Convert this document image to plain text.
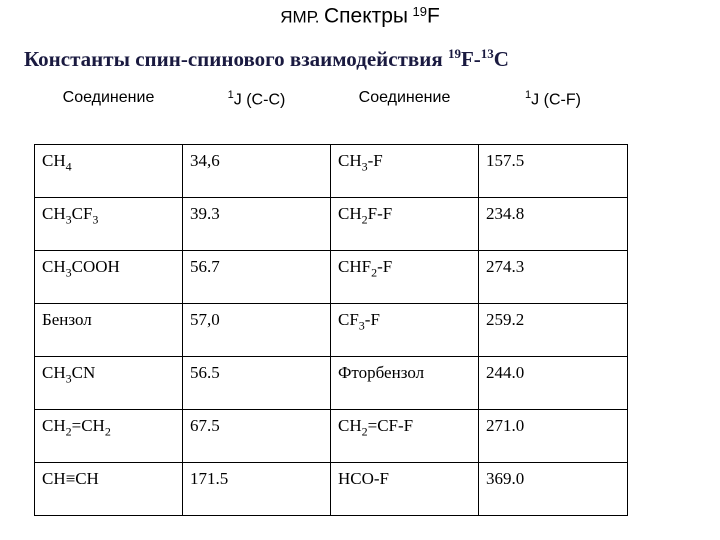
ЯМР. Спектры $^{19}$F
Константы спин-спинового взаимодействия $^{19}$F-$^{13}$C
Соединение	$^1$J (C-C)	Соединение	$^1$J (C-F)
$CH_4$	34,6	$CH_3-F$	157.5
$CH_3CF_3$	39.3	$CH_2F-F$	234.8
$CH_3COOH$	56.7	$CHF_2-F$	274.3
Бензол	57,0	$CF_3-F$	259.2
$CH_3CN$	56.5	Фторбензол	244.0
$CH_2=CH_2$	67.5	$CH_2=CF-F$	271.0
CH≡CH	171.5	HCO-F	369.0
